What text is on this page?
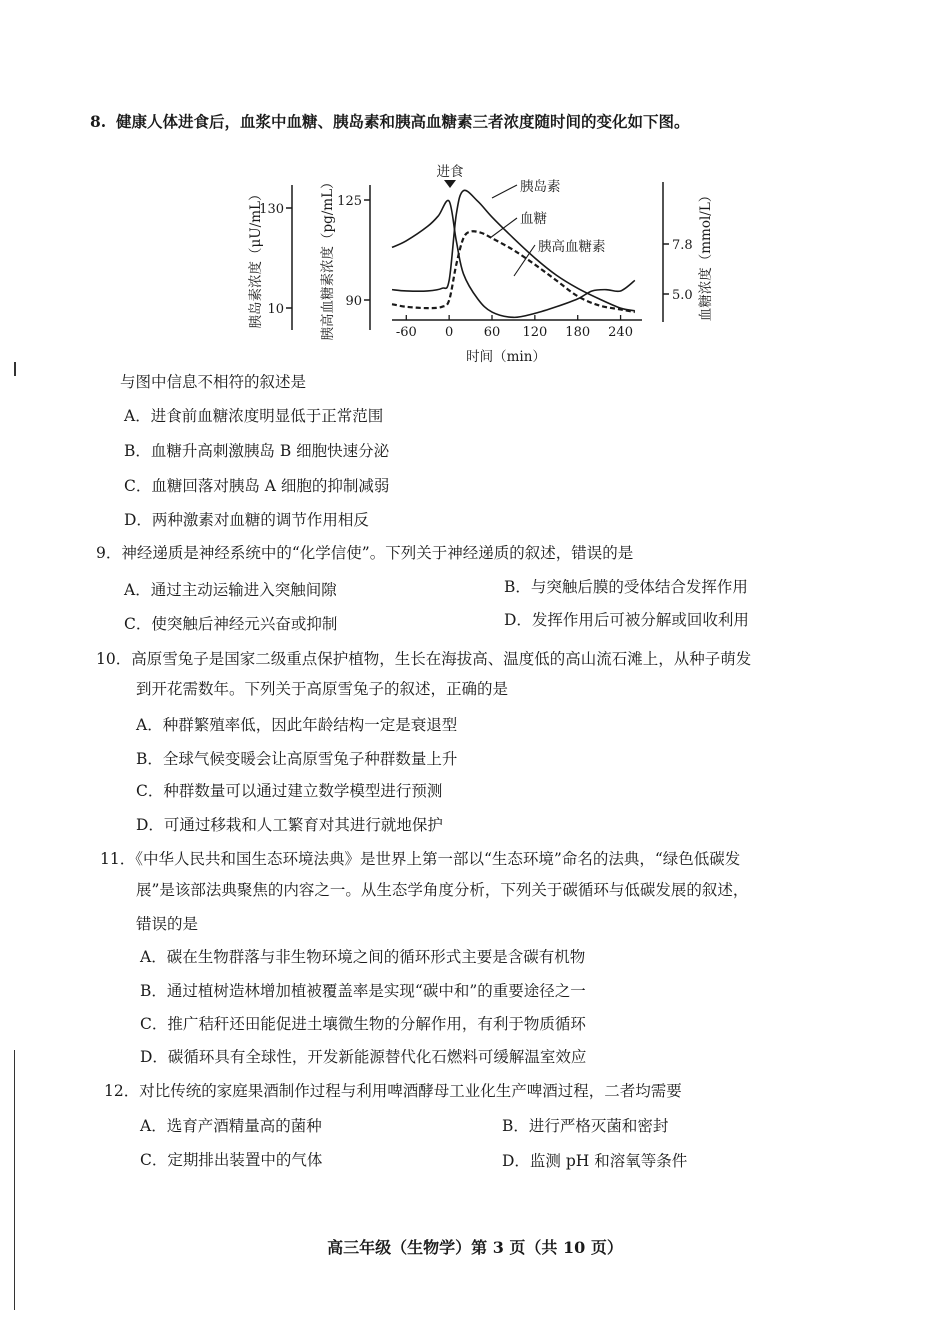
8. 健康人体进食后，血浆中血糖、胰岛素和胰高血糖素三者浓度随时间的变化如下图。
130
10
胰岛素浓度（μU/mL）	125
90
胰高血糖素浓度（pg/mL）	7.8
5.0 血糖浓度（mmol/L）
-60 0 60 120 180 240
时间（min）
进食
胰岛素
血糖
胰高血糖素
与图中信息不相符的叙述是
A．进食前血糖浓度明显低于正常范围
B．血糖升高刺激胰岛 B 细胞快速分泌
C．血糖回落对胰岛 A 细胞的抑制减弱
D．两种激素对血糖的调节作用相反
9．神经递质是神经系统中的“化学信使”。下列关于神经递质的叙述，错误的是
A．通过主动运输进入突触间隙	B．与突触后膜的受体结合发挥作用
C．使突触后神经元兴奋或抑制	D．发挥作用后可被分解或回收利用
10．高原雪兔子是国家二级重点保护植物，生长在海拔高、温度低的高山流石滩上，从种子萌发
到开花需数年。下列关于高原雪兔子的叙述，正确的是
A．种群繁殖率低，因此年龄结构一定是衰退型
B．全球气候变暖会让高原雪兔子种群数量上升
C．种群数量可以通过建立数学模型进行预测
D．可通过移栽和人工繁育对其进行就地保护
11．《中华人民共和国生态环境法典》是世界上第一部以“生态环境”命名的法典，“绿色低碳发
展”是该部法典聚焦的内容之一。从生态学角度分析，下列关于碳循环与低碳发展的叙述，
错误的是
A．碳在生物群落与非生物环境之间的循环形式主要是含碳有机物
B．通过植树造林增加植被覆盖率是实现“碳中和”的重要途径之一
C．推广秸秆还田能促进土壤微生物的分解作用，有利于物质循环
D．碳循环具有全球性，开发新能源替代化石燃料可缓解温室效应
12．对比传统的家庭果酒制作过程与利用啤酒酵母工业化生产啤酒过程，二者均需要
A．选育产酒精量高的菌种	B．进行严格灭菌和密封
C．定期排出装置中的气体	D．监测 pH 和溶氧等条件
高三年级（生物学）第 3 页（共 10 页）
